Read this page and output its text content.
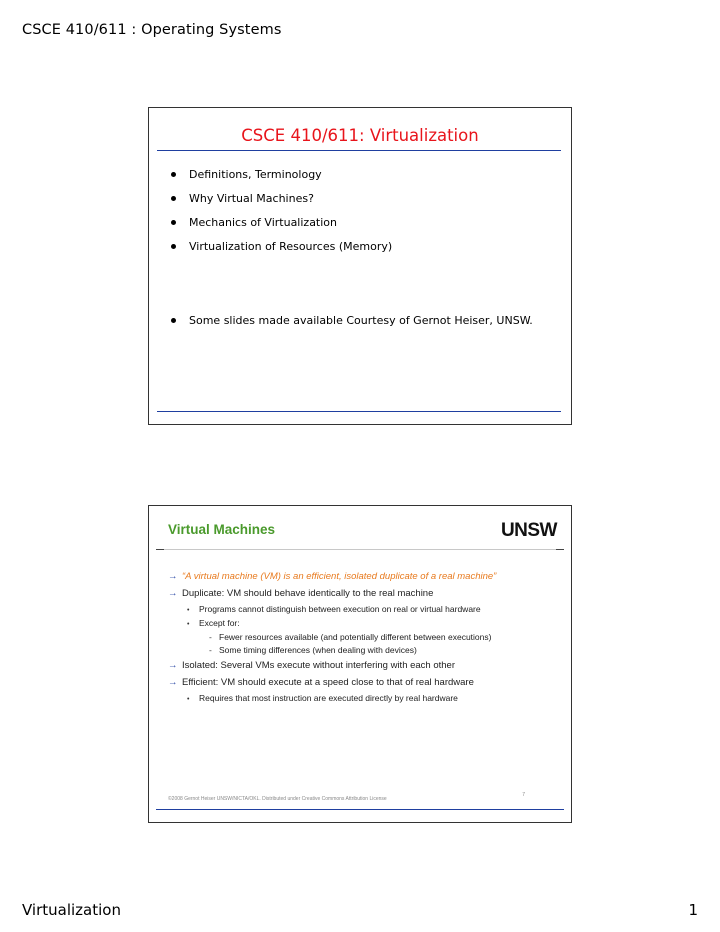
CSCE 410/611 : Operating Systems
CSCE 410/611: Virtualization
Definitions, Terminology
Why Virtual Machines?
Mechanics of Virtualization
Virtualization of Resources (Memory)
Some slides made available Courtesy of Gernot Heiser, UNSW.
Virtual Machines	UNSW
→ “A virtual machine (VM) is an efficient, isolated duplicate of a real machine”
→ Duplicate: VM should behave identically to the real machine
• Programs cannot distinguish between execution on real or virtual hardware
• Except for:
- Fewer resources available (and potentially different between executions)
- Some timing differences (when dealing with devices)
→ Isolated: Several VMs execute without interfering with each other
→ Efficient: VM should execute at a speed close to that of real hardware
• Requires that most instruction are executed directly by real hardware
©2008 Gernot Heiser UNSW/NICTA/OKL. Distributed under Creative Commons Attribution License
7
Virtualization	1
